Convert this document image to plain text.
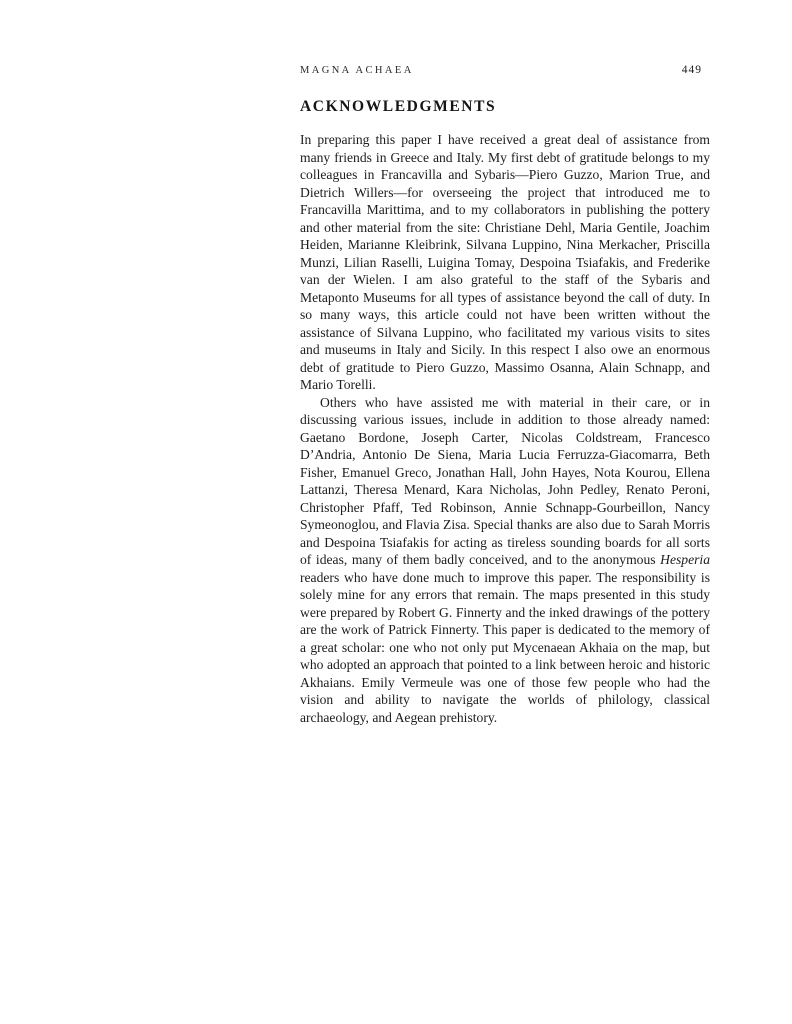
MAGNA ACHAEA	449
ACKNOWLEDGMENTS

In preparing this paper I have received a great deal of assistance from many friends in Greece and Italy. My first debt of gratitude belongs to my colleagues in Francavilla and Sybaris—Piero Guzzo, Marion True, and Dietrich Willers—for overseeing the project that introduced me to Francavilla Marittima, and to my collaborators in publishing the pottery and other material from the site: Christiane Dehl, Maria Gentile, Joachim Heiden, Marianne Kleibrink, Silvana Luppino, Nina Merkacher, Priscilla Munzi, Lilian Raselli, Luigina Tomay, Despoina Tsiafakis, and Frederike van der Wielen. I am also grateful to the staff of the Sybaris and Metaponto Museums for all types of assistance beyond the call of duty. In so many ways, this article could not have been written without the assistance of Silvana Luppino, who facilitated my various visits to sites and museums in Italy and Sicily. In this respect I also owe an enormous debt of gratitude to Piero Guzzo, Massimo Osanna, Alain Schnapp, and Mario Torelli.

Others who have assisted me with material in their care, or in discussing various issues, include in addition to those already named: Gaetano Bordone, Joseph Carter, Nicolas Coldstream, Francesco D’Andria, Antonio De Siena, Maria Lucia Ferruzza-Giacomarra, Beth Fisher, Emanuel Greco, Jonathan Hall, John Hayes, Nota Kourou, Ellena Lattanzi, Theresa Menard, Kara Nicholas, John Pedley, Renato Peroni, Christopher Pfaff, Ted Robinson, Annie Schnapp-Gourbeillon, Nancy Symeonoglou, and Flavia Zisa. Special thanks are also due to Sarah Morris and Despoina Tsiafakis for acting as tireless sounding boards for all sorts of ideas, many of them badly conceived, and to the anonymous Hesperia readers who have done much to improve this paper. The responsibility is solely mine for any errors that remain. The maps presented in this study were prepared by Robert G. Finnerty and the inked drawings of the pottery are the work of Patrick Finnerty. This paper is dedicated to the memory of a great scholar: one who not only put Mycenaean Akhaia on the map, but who adopted an approach that pointed to a link between heroic and historic Akhaians. Emily Vermeule was one of those few people who had the vision and ability to navigate the worlds of philology, classical archaeology, and Aegean prehistory.
